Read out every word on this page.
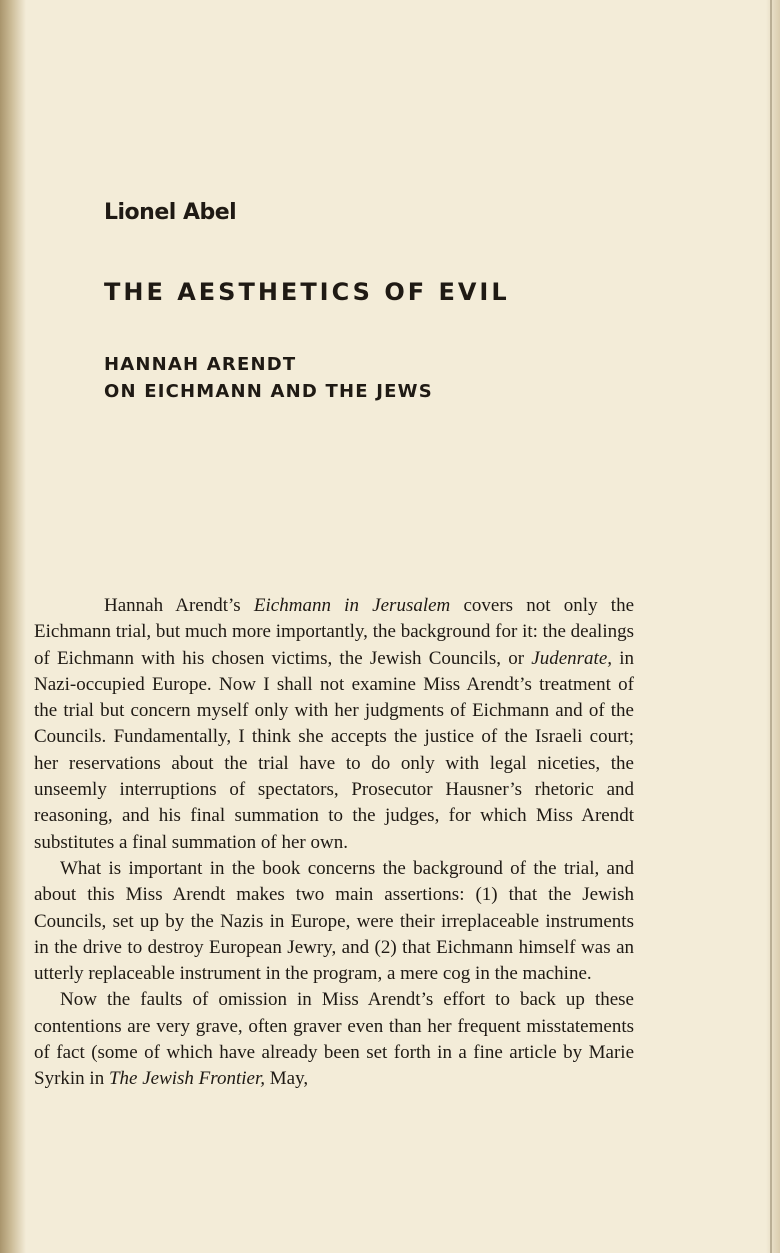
Lionel Abel
THE AESTHETICS OF EVIL
HANNAH ARENDT
ON EICHMANN AND THE JEWS

Hannah Arendt’s Eichmann in Jerusalem covers not only the Eichmann trial, but much more importantly, the background for it: the dealings of Eichmann with his chosen victims, the Jewish Councils, or Judenrate, in Nazi-occupied Europe. Now I shall not examine Miss Arendt’s treatment of the trial but concern myself only with her judgments of Eichmann and of the Councils. Fundamentally, I think she accepts the justice of the Israeli court; her reservations about the trial have to do only with legal niceties, the unseemly interruptions of spectators, Prosecutor Hausner’s rhetoric and reasoning, and his final summation to the judges, for which Miss Arendt substitutes a final summation of her own.

What is important in the book concerns the background of the trial, and about this Miss Arendt makes two main assertions: (1) that the Jewish Councils, set up by the Nazis in Europe, were their irreplaceable instruments in the drive to destroy European Jewry, and (2) that Eichmann himself was an utterly replaceable instrument in the program, a mere cog in the machine.

Now the faults of omission in Miss Arendt’s effort to back up these contentions are very grave, often graver even than her frequent misstatements of fact (some of which have already been set forth in a fine article by Marie Syrkin in The Jewish Frontier, May,
